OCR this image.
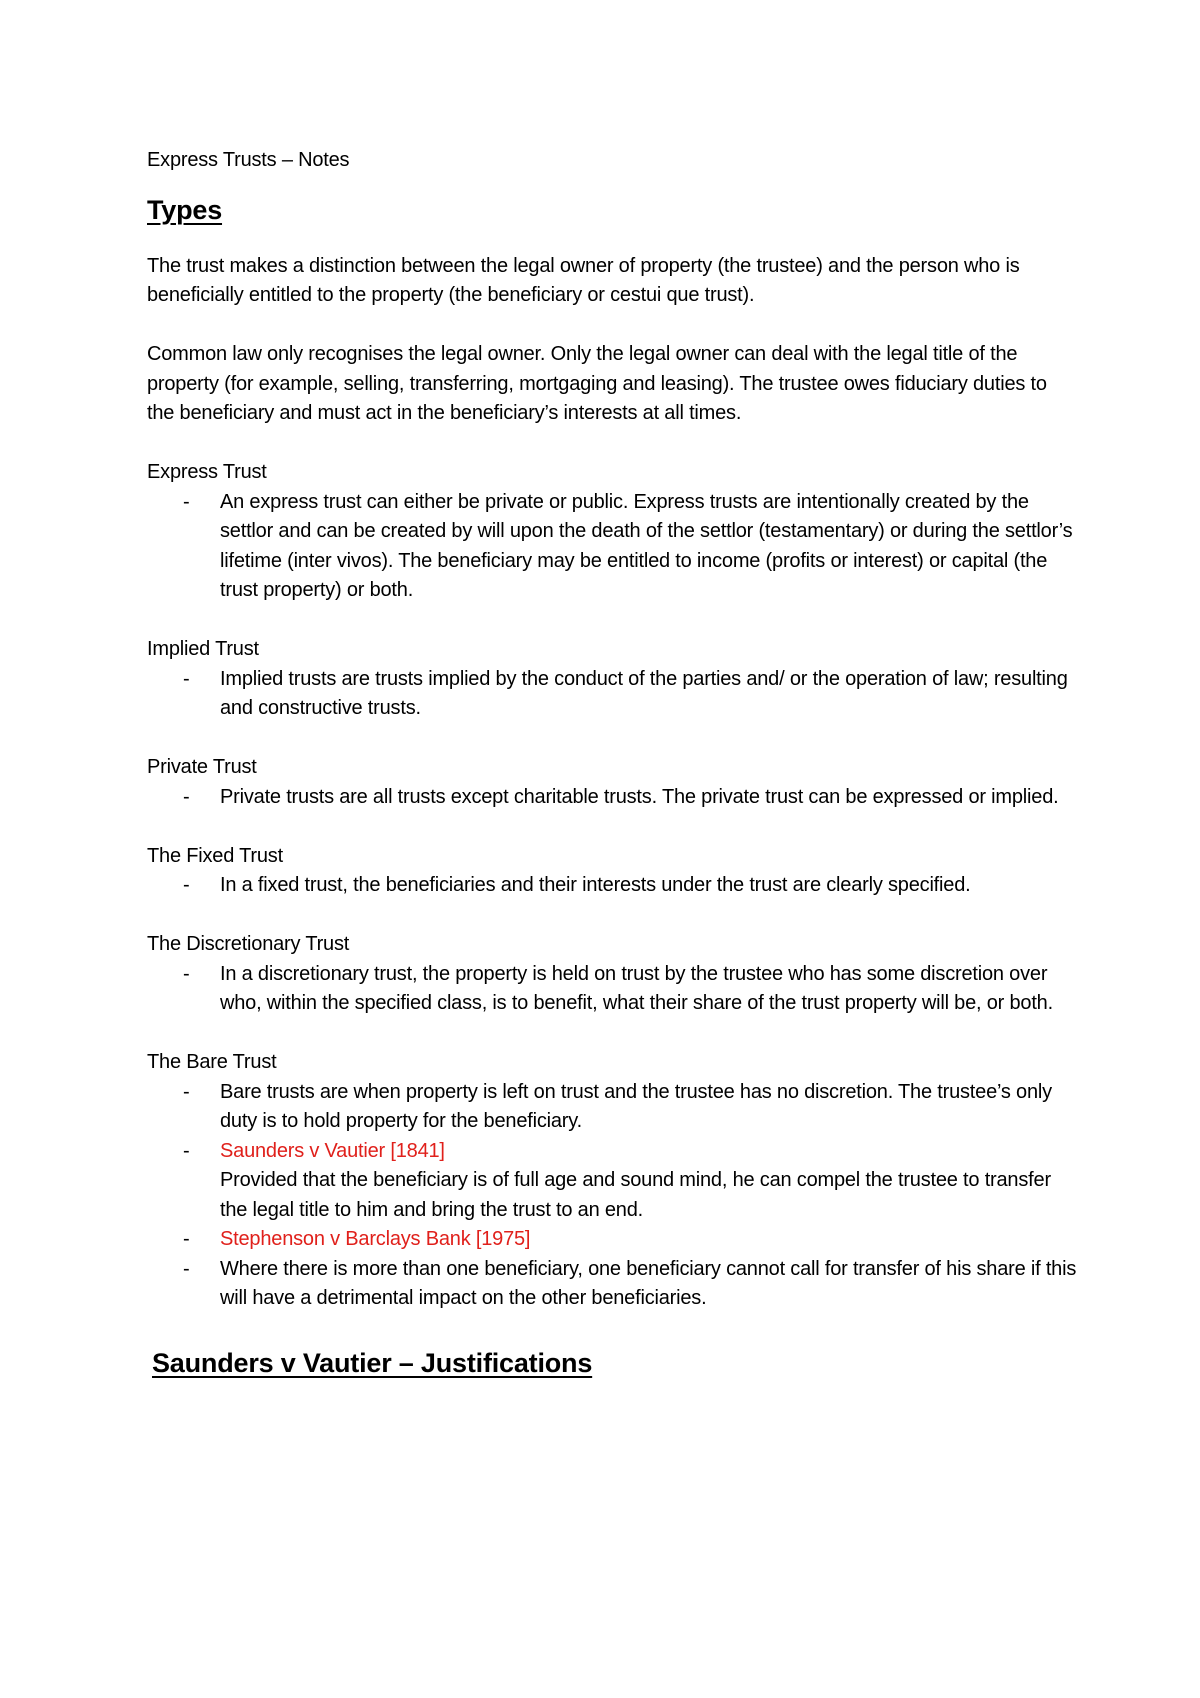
Express Trusts – Notes
Types
The trust makes a distinction between the legal owner of property (the trustee) and the person who is beneficially entitled to the property (the beneficiary or cestui que trust).
Common law only recognises the legal owner. Only the legal owner can deal with the legal title of the property (for example, selling, transferring, mortgaging and leasing). The trustee owes fiduciary duties to the beneficiary and must act in the beneficiary’s interests at all times.
Express Trust
- An express trust can either be private or public. Express trusts are intentionally created by the settlor and can be created by will upon the death of the settlor (testamentary) or during the settlor’s lifetime (inter vivos). The beneficiary may be entitled to income (profits or interest) or capital (the trust property) or both.
Implied Trust
- Implied trusts are trusts implied by the conduct of the parties and/ or the operation of law; resulting and constructive trusts.
Private Trust
- Private trusts are all trusts except charitable trusts. The private trust can be expressed or implied.
The Fixed Trust
- In a fixed trust, the beneficiaries and their interests under the trust are clearly specified.
The Discretionary Trust
- In a discretionary trust, the property is held on trust by the trustee who has some discretion over who, within the specified class, is to benefit, what their share of the trust property will be, or both.
The Bare Trust
- Bare trusts are when property is left on trust and the trustee has no discretion. The trustee’s only duty is to hold property for the beneficiary.
- Saunders v Vautier [1841]
Provided that the beneficiary is of full age and sound mind, he can compel the trustee to transfer the legal title to him and bring the trust to an end.
- Stephenson v Barclays Bank [1975]
- Where there is more than one beneficiary, one beneficiary cannot call for transfer of his share if this will have a detrimental impact on the other beneficiaries.
Saunders v Vautier – Justifications
